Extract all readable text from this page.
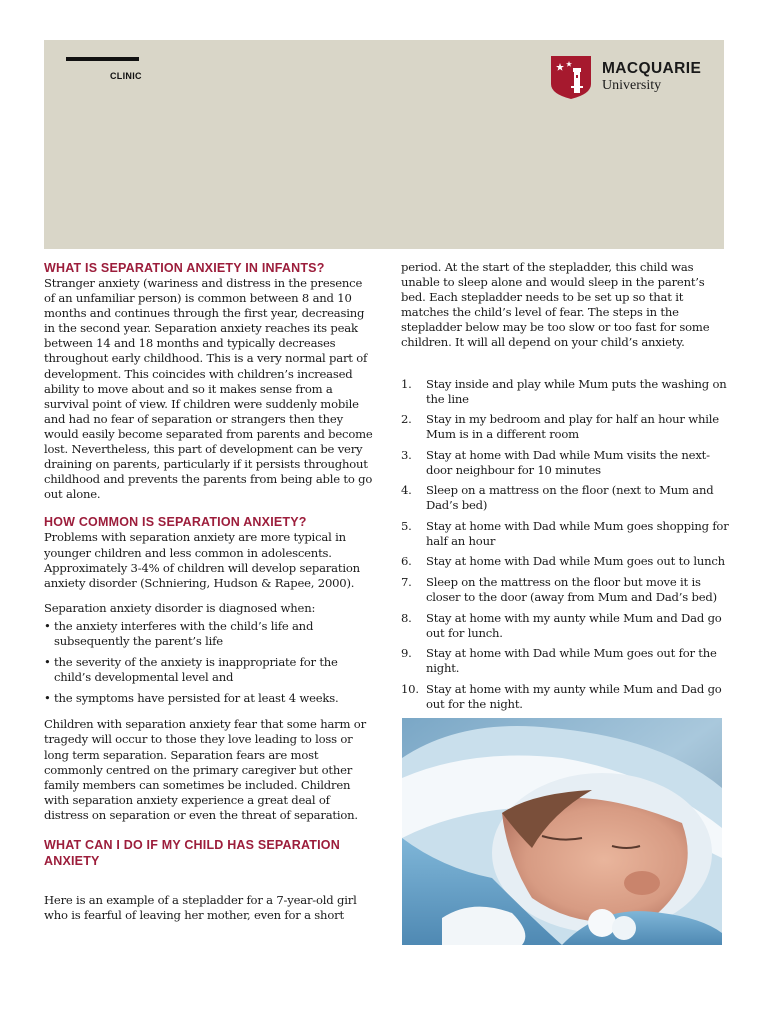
CLINIC	MACQUARIE
University
WHAT IS SEPARATION ANXIETY IN INFANTS?

Stranger anxiety (wariness and distress in the presence of an unfamiliar person) is common between 8 and 10 months and continues through the first year, decreasing in the second year. Separation anxiety reaches its peak between 14 and 18 months and typically decreases throughout early childhood. This is a very normal part of development. This coincides with children’s increased ability to move about and so it makes sense from a survival point of view. If children were suddenly mobile and had no fear of separation or strangers then they would easily become separated from parents and become lost. Nevertheless, this part of development can be very draining on parents, particularly if it persists throughout childhood and prevents the parents from being able to go out alone.

HOW COMMON IS SEPARATION ANXIETY?

Problems with separation anxiety are more typical in younger children and less common in adolescents. Approximately 3-4% of children will develop separation anxiety disorder (Schniering, Hudson & Rapee, 2000).

Separation anxiety disorder is diagnosed when:

• the anxiety interferes with the child’s life and subsequently the parent’s life
• the severity of the anxiety is inappropriate for the child’s developmental level and
• the symptoms have persisted for at least 4 weeks.

Children with separation anxiety fear that some harm or tragedy will occur to those they love leading to loss or long term separation. Separation fears are most commonly centred on the primary caregiver but other family members can sometimes be included. Children with separation anxiety experience a great deal of distress on separation or even the threat of separation.

WHAT CAN I DO IF MY CHILD HAS SEPARATION ANXIETY

Here is an example of a stepladder for a 7-year-old girl who is fearful of leaving her mother, even for a short

period. At the start of the stepladder, this child was unable to sleep alone and would sleep in the parent’s bed. Each stepladder needs to be set up so that it matches the child’s level of fear. The steps in the stepladder below may be too slow or too fast for some children. It will all depend on your child’s anxiety.

1. Stay inside and play while Mum puts the washing on the line
2. Stay in my bedroom and play for half an hour while Mum is in a different room
3. Stay at home with Dad while Mum visits the next-door neighbour for 10 minutes
4. Sleep on a mattress on the floor (next to Mum and Dad’s bed)
5. Stay at home with Dad while Mum goes shopping for half an hour
6. Stay at home with Dad while Mum goes out to lunch
7. Sleep on the mattress on the floor but move it is closer to the door (away from Mum and Dad’s bed)
8. Stay at home with my aunty while Mum and Dad go out for lunch.
9. Stay at home with Dad while Mum goes out for the night.
10. Stay at home with my aunty while Mum and Dad go out for the night.
